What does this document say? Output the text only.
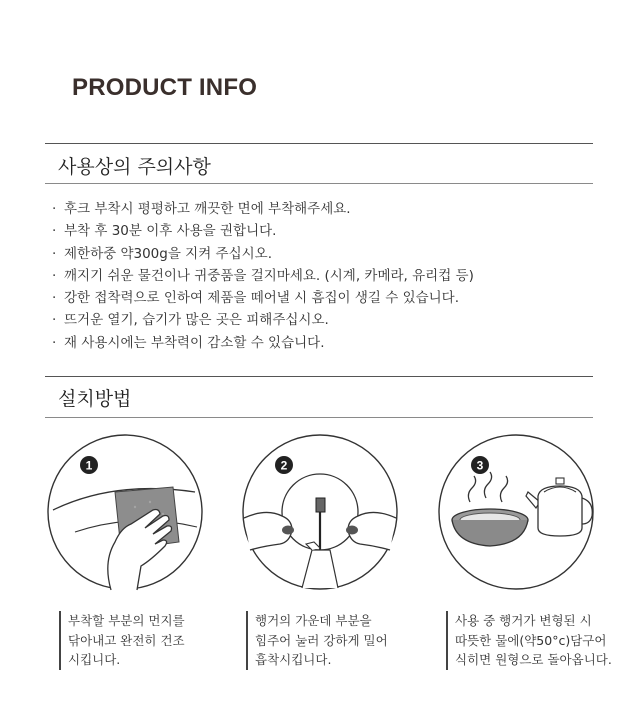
PRODUCT INFO
사용상의 주의사항
· 후크 부착시 평평하고 깨끗한 면에 부착해주세요.
· 부착 후 30분 이후 사용을 권합니다.
· 제한하중 약300g을 지켜 주십시오.
· 깨지기 쉬운 물건이나 귀중품을 걸지마세요. (시계, 카메라, 유리컵 등)
· 강한 접착력으로 인하여 제품을 떼어낼 시 흠집이 생길 수 있습니다.
· 뜨거운 열기, 습기가 많은 곳은 피해주십시오.
· 재 사용시에는 부착력이 감소할 수 있습니다.
설치방법
1	2	3
부착할 부분의 먼지를
닦아내고 완전히 건조
시킵니다.
행거의 가운데 부분을
힘주어 눌러 강하게 밀어
흡착시킵니다.
사용 중 행거가 변형된 시
따뜻한 물에(약50°c)담구어
식히면 원형으로 돌아옵니다.
